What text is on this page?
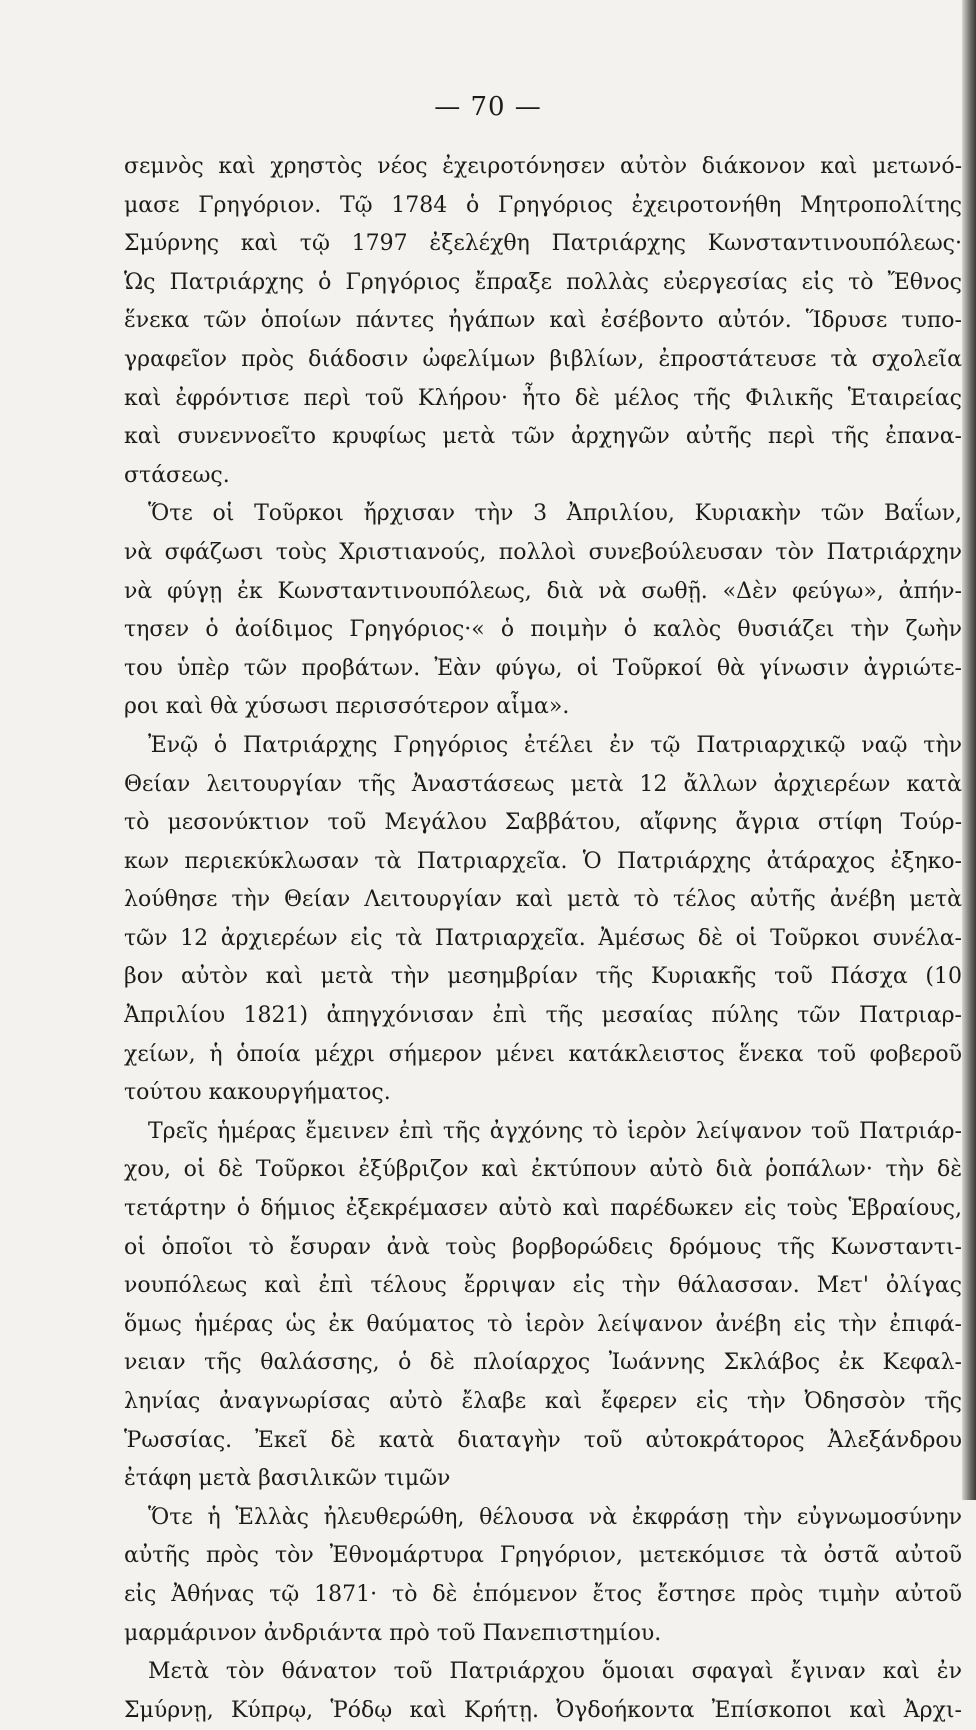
— 70 —
σεμνὸς καὶ χρηστὸς νέος ἐχειροτόνησεν αὐτὸν διάκονον καὶ μετωνό-
μασε Γρηγόριον. Τῷ 1784 ὁ Γρηγόριος ἐχειροτονήθη Μητροπολίτης
Σμύρνης καὶ τῷ 1797 ἐξελέχθη Πατριάρχης Κωνσταντινουπόλεως·
Ὡς Πατριάρχης ὁ Γρηγόριος ἔπραξε πολλὰς εὐεργεσίας εἰς τὸ Ἔθνος
ἕνεκα τῶν ὁποίων πάντες ἠγάπων καὶ ἐσέβοντο αὐτόν. Ἵδρυσε τυπο-
γραφεῖον πρὸς διάδοσιν ὠφελίμων βιβλίων, ἐπροστάτευσε τὰ σχολεῖα
καὶ ἐφρόντισε περὶ τοῦ Κλήρου· ἦτο δὲ μέλος τῆς Φιλικῆς Ἑταιρείας
καὶ συνεννοεῖτο κρυφίως μετὰ τῶν ἀρχηγῶν αὐτῆς περὶ τῆς ἐπανα-
στάσεως.
Ὅτε οἱ Τοῦρκοι ἤρχισαν τὴν 3 Ἀπριλίου, Κυριακὴν τῶν Βαΐων,
νὰ σφάζωσι τοὺς Χριστιανούς, πολλοὶ συνεβούλευσαν τὸν Πατριάρχην
νὰ φύγῃ ἐκ Κωνσταντινουπόλεως, διὰ νὰ σωθῇ. «Δὲν φεύγω», ἀπήν-
τησεν ὁ ἀοίδιμος Γρηγόριος·« ὁ ποιμὴν ὁ καλὸς θυσιάζει τὴν ζωὴν
του ὑπὲρ τῶν προβάτων. Ἐὰν φύγω, οἱ Τοῦρκοί θὰ γίνωσιν ἀγριώτε-
ροι καὶ θὰ χύσωσι περισσότερον αἷμα».
Ἐνῷ ὁ Πατριάρχης Γρηγόριος ἐτέλει ἐν τῷ Πατριαρχικῷ ναῷ τὴν
Θείαν λειτουργίαν τῆς Ἀναστάσεως μετὰ 12 ἄλλων ἀρχιερέων κατὰ
τὸ μεσονύκτιον τοῦ Μεγάλου Σαββάτου, αἴφνης ἄγρια στίφη Τούρ-
κων περιεκύκλωσαν τὰ Πατριαρχεῖα. Ὁ Πατριάρχης ἀτάραχος ἐξηκο-
λούθησε τὴν Θείαν Λειτουργίαν καὶ μετὰ τὸ τέλος αὐτῆς ἀνέβη μετὰ
τῶν 12 ἀρχιερέων εἰς τὰ Πατριαρχεῖα. Ἀμέσως δὲ οἱ Τοῦρκοι συνέλα-
βον αὐτὸν καὶ μετὰ τὴν μεσημβρίαν τῆς Κυριακῆς τοῦ Πάσχα (10
Ἀπριλίου 1821) ἀπηγχόνισαν ἐπὶ τῆς μεσαίας πύλης τῶν Πατριαρ-
χείων, ἡ ὁποία μέχρι σήμερον μένει κατάκλειστος ἕνεκα τοῦ φοβεροῦ
τούτου κακουργήματος.
Τρεῖς ἡμέρας ἔμεινεν ἐπὶ τῆς ἀγχόνης τὸ ἱερὸν λείψανον τοῦ Πατριάρ-
χου, οἱ δὲ Τοῦρκοι ἐξύβριζον καὶ ἐκτύπουν αὐτὸ διὰ ῥοπάλων· τὴν δὲ
τετάρτην ὁ δήμιος ἐξεκρέμασεν αὐτὸ καὶ παρέδωκεν εἰς τοὺς Ἑβραίους,
οἱ ὁποῖοι τὸ ἔσυραν ἀνὰ τοὺς βορβορώδεις δρόμους τῆς Κωνσταντι-
νουπόλεως καὶ ἐπὶ τέλους ἔρριψαν εἰς τὴν θάλασσαν. Μετ' ὀλίγας
ὅμως ἡμέρας ὡς ἐκ θαύματος τὸ ἱερὸν λείψανον ἀνέβη εἰς τὴν ἐπιφά-
νειαν τῆς θαλάσσης, ὁ δὲ πλοίαρχος Ἰωάννης Σκλάβος ἐκ Κεφαλ-
ληνίας ἀναγνωρίσας αὐτὸ ἔλαβε καὶ ἔφερεν εἰς τὴν Ὀδησσὸν τῆς
Ῥωσσίας. Ἐκεῖ δὲ κατὰ διαταγὴν τοῦ αὐτοκράτορος Ἀλεξάνδρου
ἐτάφη μετὰ βασιλικῶν τιμῶν
Ὅτε ἡ Ἑλλὰς ἠλευθερώθη, θέλουσα νὰ ἐκφράσῃ τὴν εὐγνωμοσύνην
αὐτῆς πρὸς τὸν Ἐθνομάρτυρα Γρηγόριον, μετεκόμισε τὰ ὀστᾶ αὐτοῦ
εἰς Ἀθήνας τῷ 1871· τὸ δὲ ἑπόμενον ἔτος ἔστησε πρὸς τιμὴν αὐτοῦ
μαρμάρινον ἀνδριάντα πρὸ τοῦ Πανεπιστημίου.
Μετὰ τὸν θάνατον τοῦ Πατριάρχου ὅμοιαι σφαγαὶ ἔγιναν καὶ ἐν
Σμύρνῃ, Κύπρῳ, Ῥόδῳ καὶ Κρήτῃ. Ὀγδοήκοντα Ἐπίσκοποι καὶ Ἀρχι-
